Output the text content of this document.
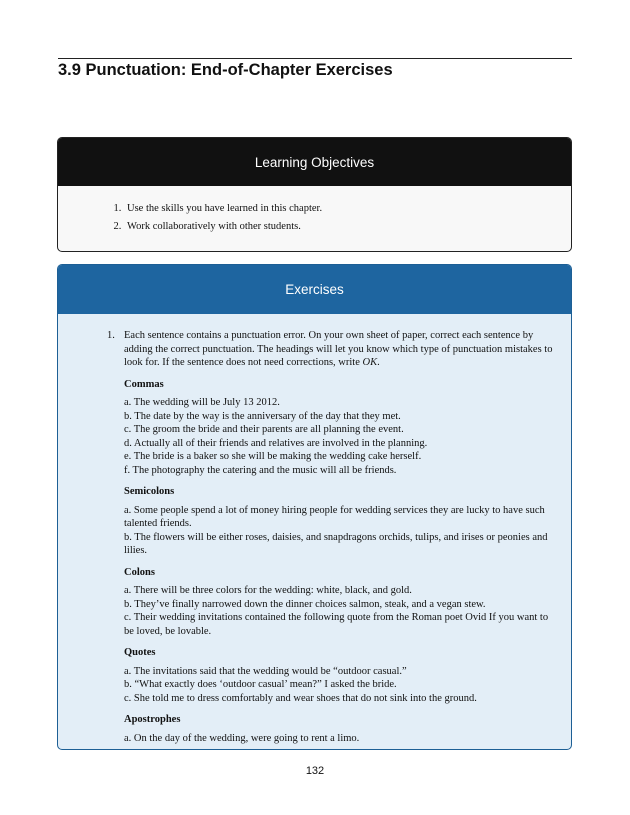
3.9 Punctuation: End-of-Chapter Exercises
Learning Objectives
1. Use the skills you have learned in this chapter.
2. Work collaboratively with other students.
Exercises
1. Each sentence contains a punctuation error. On your own sheet of paper, correct each sentence by adding the correct punctuation. The headings will let you know which type of punctuation mistakes to look for. If the sentence does not need corrections, write OK.

Commas

a. The wedding will be July 13 2012.

b. The date by the way is the anniversary of the day that they met.

c. The groom the bride and their parents are all planning the event.

d. Actually all of their friends and relatives are involved in the planning.

e. The bride is a baker so she will be making the wedding cake herself.

f. The photography the catering and the music will all be friends.

Semicolons

a. Some people spend a lot of money hiring people for wedding services they are lucky to have such talented friends.

b. The flowers will be either roses, daisies, and snapdragons orchids, tulips, and irises or peonies and lilies.

Colons

a. There will be three colors for the wedding: white, black, and gold.

b. They’ve finally narrowed down the dinner choices salmon, steak, and a vegan stew.

c. Their wedding invitations contained the following quote from the Roman poet Ovid If you want to be loved, be lovable.

Quotes

a. The invitations said that the wedding would be “outdoor casual.”

b. “What exactly does ‘outdoor casual’ mean?” I asked the bride.

c. She told me to dress comfortably and wear shoes that do not sink into the ground.

Apostrophes

a. On the day of the wedding, were going to rent a limo.

132
